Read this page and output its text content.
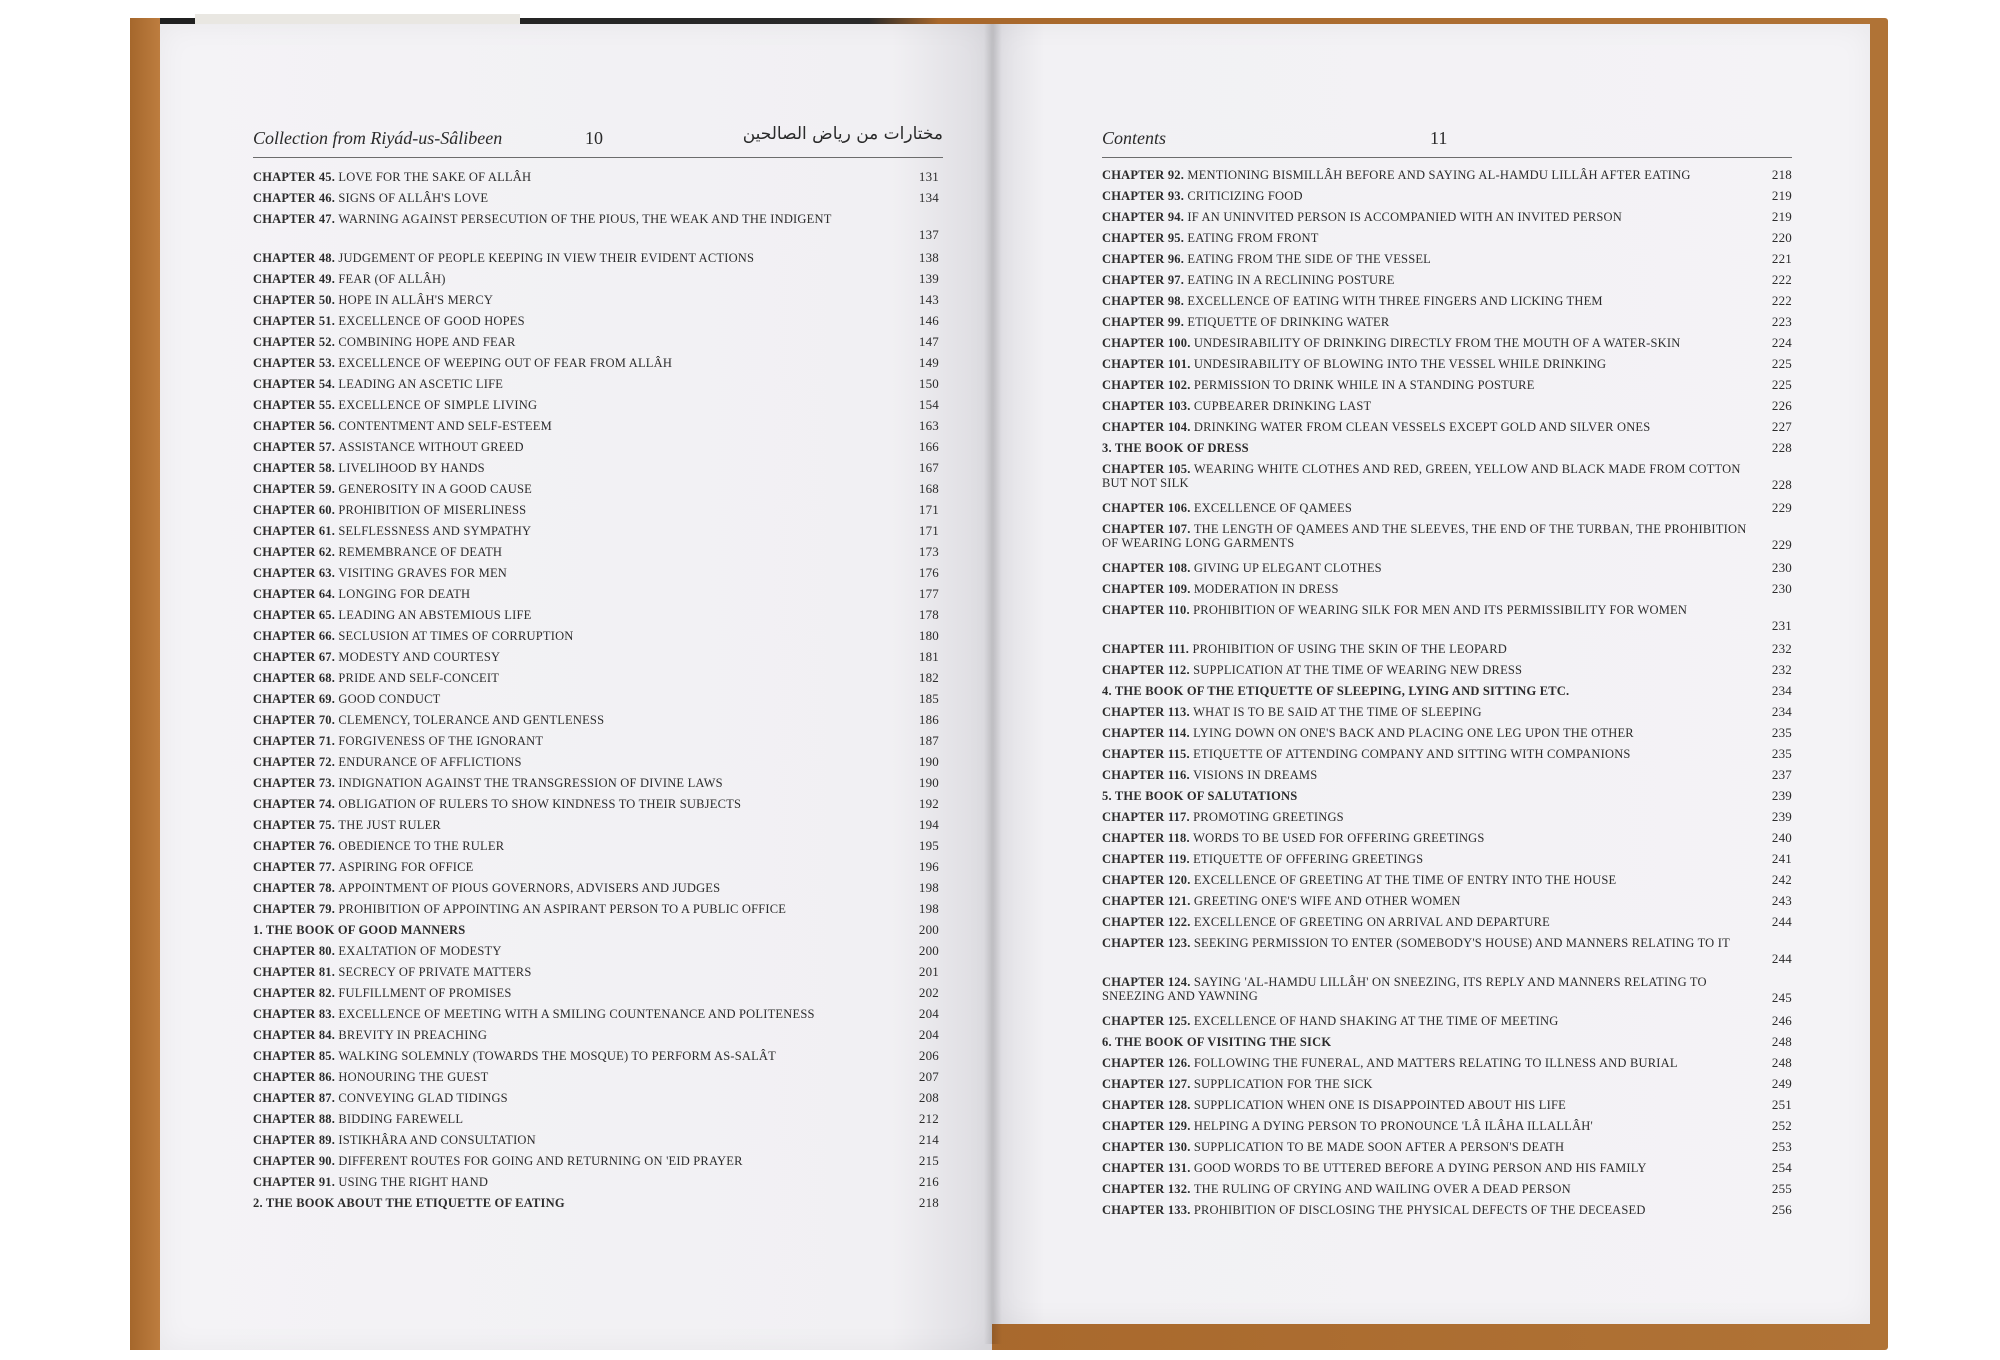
Collection from Riyád-us-Sâlibeen	10	مختارات من رياض الصالحين	Contents	11
CHAPTER 45. LOVE FOR THE SAKE OF ALLÂH	131
CHAPTER 46. SIGNS OF ALLÂH'S LOVE	134
CHAPTER 47. WARNING AGAINST PERSECUTION OF THE PIOUS, THE WEAK AND THE INDIGENT
137
CHAPTER 48. JUDGEMENT OF PEOPLE KEEPING IN VIEW THEIR EVIDENT ACTIONS	138
CHAPTER 49. FEAR (OF ALLÂH)	139
CHAPTER 50. HOPE IN ALLÂH'S MERCY	143
CHAPTER 51. EXCELLENCE OF GOOD HOPES	146
CHAPTER 52. COMBINING HOPE AND FEAR	147
CHAPTER 53. EXCELLENCE OF WEEPING OUT OF FEAR FROM ALLÂH	149
CHAPTER 54. LEADING AN ASCETIC LIFE	150
CHAPTER 55. EXCELLENCE OF SIMPLE LIVING	154
CHAPTER 56. CONTENTMENT AND SELF-ESTEEM	163
CHAPTER 57. ASSISTANCE WITHOUT GREED	166
CHAPTER 58. LIVELIHOOD BY HANDS	167
CHAPTER 59. GENEROSITY IN A GOOD CAUSE	168
CHAPTER 60. PROHIBITION OF MISERLINESS	171
CHAPTER 61. SELFLESSNESS AND SYMPATHY	171
CHAPTER 62. REMEMBRANCE OF DEATH	173
CHAPTER 63. VISITING GRAVES FOR MEN	176
CHAPTER 64. LONGING FOR DEATH	177
CHAPTER 65. LEADING AN ABSTEMIOUS LIFE	178
CHAPTER 66. SECLUSION AT TIMES OF CORRUPTION	180
CHAPTER 67. MODESTY AND COURTESY	181
CHAPTER 68. PRIDE AND SELF-CONCEIT	182
CHAPTER 69. GOOD CONDUCT	185
CHAPTER 70. CLEMENCY, TOLERANCE AND GENTLENESS	186
CHAPTER 71. FORGIVENESS OF THE IGNORANT	187
CHAPTER 72. ENDURANCE OF AFFLICTIONS	190
CHAPTER 73. INDIGNATION AGAINST THE TRANSGRESSION OF DIVINE LAWS	190
CHAPTER 74. OBLIGATION OF RULERS TO SHOW KINDNESS TO THEIR SUBJECTS	192
CHAPTER 75. THE JUST RULER	194
CHAPTER 76. OBEDIENCE TO THE RULER	195
CHAPTER 77. ASPIRING FOR OFFICE	196
CHAPTER 78. APPOINTMENT OF PIOUS GOVERNORS, ADVISERS AND JUDGES	198
CHAPTER 79. PROHIBITION OF APPOINTING AN ASPIRANT PERSON TO A PUBLIC OFFICE	198
1. THE BOOK OF GOOD MANNERS	200
CHAPTER 80. EXALTATION OF MODESTY	200
CHAPTER 81. SECRECY OF PRIVATE MATTERS	201
CHAPTER 82. FULFILLMENT OF PROMISES	202
CHAPTER 83. EXCELLENCE OF MEETING WITH A SMILING COUNTENANCE AND POLITENESS	204
CHAPTER 84. BREVITY IN PREACHING	204
CHAPTER 85. WALKING SOLEMNLY (TOWARDS THE MOSQUE) TO PERFORM AS-SALÂT	206
CHAPTER 86. HONOURING THE GUEST	207
CHAPTER 87. CONVEYING GLAD TIDINGS	208
CHAPTER 88. BIDDING FAREWELL	212
CHAPTER 89. ISTIKHÂRA AND CONSULTATION	214
CHAPTER 90. DIFFERENT ROUTES FOR GOING AND RETURNING ON 'EID PRAYER	215
CHAPTER 91. USING THE RIGHT HAND	216
2. THE BOOK ABOUT THE ETIQUETTE OF EATING	218
CHAPTER 92. MENTIONING BISMILLÂH BEFORE AND SAYING AL-HAMDU LILLÂH AFTER EATING	218
CHAPTER 93. CRITICIZING FOOD	219
CHAPTER 94. IF AN UNINVITED PERSON IS ACCOMPANIED WITH AN INVITED PERSON	219
CHAPTER 95. EATING FROM FRONT	220
CHAPTER 96. EATING FROM THE SIDE OF THE VESSEL	221
CHAPTER 97. EATING IN A RECLINING POSTURE	222
CHAPTER 98. EXCELLENCE OF EATING WITH THREE FINGERS AND LICKING THEM	222
CHAPTER 99. ETIQUETTE OF DRINKING WATER	223
CHAPTER 100. UNDESIRABILITY OF DRINKING DIRECTLY FROM THE MOUTH OF A WATER-SKIN	224
CHAPTER 101. UNDESIRABILITY OF BLOWING INTO THE VESSEL WHILE DRINKING	225
CHAPTER 102. PERMISSION TO DRINK WHILE IN A STANDING POSTURE	225
CHAPTER 103. CUPBEARER DRINKING LAST	226
CHAPTER 104. DRINKING WATER FROM CLEAN VESSELS EXCEPT GOLD AND SILVER ONES	227
3. THE BOOK OF DRESS	228
CHAPTER 105. WEARING WHITE CLOTHES AND RED, GREEN, YELLOW AND BLACK MADE FROM COTTON BUT NOT SILK	228
CHAPTER 106. EXCELLENCE OF QAMEES	229
CHAPTER 107. THE LENGTH OF QAMEES AND THE SLEEVES, THE END OF THE TURBAN, THE PROHIBITION OF WEARING LONG GARMENTS	229
CHAPTER 108. GIVING UP ELEGANT CLOTHES	230
CHAPTER 109. MODERATION IN DRESS	230
CHAPTER 110. PROHIBITION OF WEARING SILK FOR MEN AND ITS PERMISSIBILITY FOR WOMEN
231
CHAPTER 111. PROHIBITION OF USING THE SKIN OF THE LEOPARD	232
CHAPTER 112. SUPPLICATION AT THE TIME OF WEARING NEW DRESS	232
4. THE BOOK OF THE ETIQUETTE OF SLEEPING, LYING AND SITTING ETC.	234
CHAPTER 113. WHAT IS TO BE SAID AT THE TIME OF SLEEPING	234
CHAPTER 114. LYING DOWN ON ONE'S BACK AND PLACING ONE LEG UPON THE OTHER	235
CHAPTER 115. ETIQUETTE OF ATTENDING COMPANY AND SITTING WITH COMPANIONS	235
CHAPTER 116. VISIONS IN DREAMS	237
5. THE BOOK OF SALUTATIONS	239
CHAPTER 117. PROMOTING GREETINGS	239
CHAPTER 118. WORDS TO BE USED FOR OFFERING GREETINGS	240
CHAPTER 119. ETIQUETTE OF OFFERING GREETINGS	241
CHAPTER 120. EXCELLENCE OF GREETING AT THE TIME OF ENTRY INTO THE HOUSE	242
CHAPTER 121. GREETING ONE'S WIFE AND OTHER WOMEN	243
CHAPTER 122. EXCELLENCE OF GREETING ON ARRIVAL AND DEPARTURE	244
CHAPTER 123. SEEKING PERMISSION TO ENTER (SOMEBODY'S HOUSE) AND MANNERS RELATING TO IT
244
CHAPTER 124. SAYING 'AL-HAMDU LILLÂH' ON SNEEZING, ITS REPLY AND MANNERS RELATING TO SNEEZING AND YAWNING	245
CHAPTER 125. EXCELLENCE OF HAND SHAKING AT THE TIME OF MEETING	246
6. THE BOOK OF VISITING THE SICK	248
CHAPTER 126. FOLLOWING THE FUNERAL, AND MATTERS RELATING TO ILLNESS AND BURIAL	248
CHAPTER 127. SUPPLICATION FOR THE SICK	249
CHAPTER 128. SUPPLICATION WHEN ONE IS DISAPPOINTED ABOUT HIS LIFE	251
CHAPTER 129. HELPING A DYING PERSON TO PRONOUNCE 'LÂ ILÂHA ILLALLÂH'	252
CHAPTER 130. SUPPLICATION TO BE MADE SOON AFTER A PERSON'S DEATH	253
CHAPTER 131. GOOD WORDS TO BE UTTERED BEFORE A DYING PERSON AND HIS FAMILY	254
CHAPTER 132. THE RULING OF CRYING AND WAILING OVER A DEAD PERSON	255
CHAPTER 133. PROHIBITION OF DISCLOSING THE PHYSICAL DEFECTS OF THE DECEASED	256
